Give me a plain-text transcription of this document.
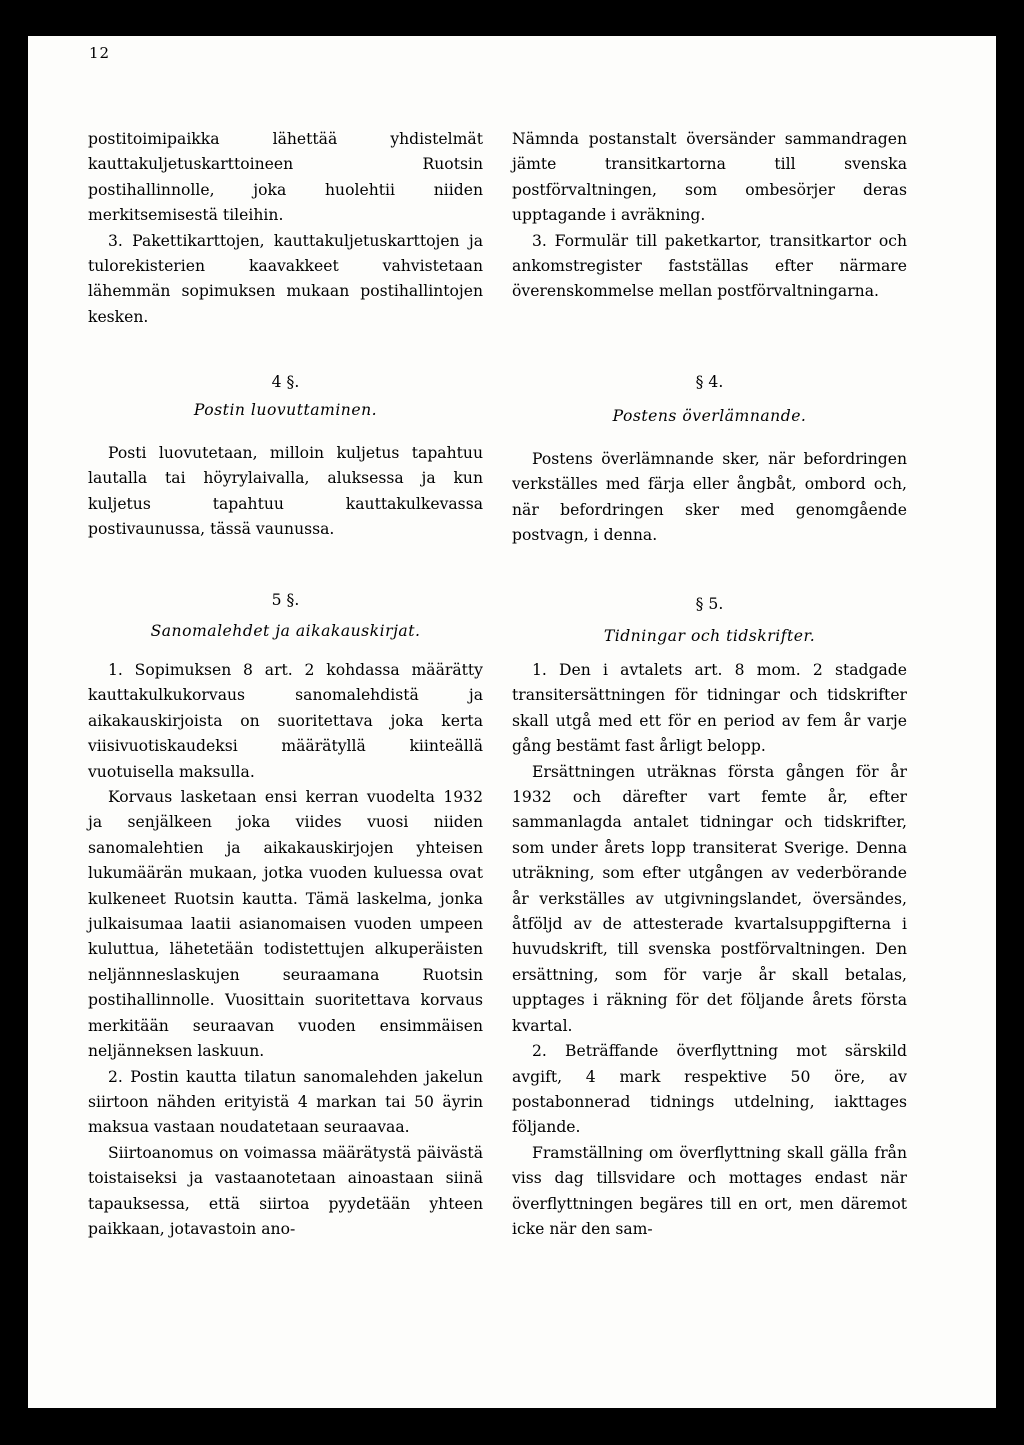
12

postitoimipaikka lähettää yhdistelmät kauttakuljetuskarttoineen Ruotsin postihallinnolle, joka huolehtii niiden merkitsemisestä tileihin.

3. Pakettikarttojen, kauttakuljetuskarttojen ja tulorekisterien kaavakkeet vahvistetaan lähemmän sopimuksen mukaan postihallintojen kesken.

4 §.
Postin luovuttaminen.

Posti luovutetaan, milloin kuljetus tapahtuu lautalla tai höyrylaivalla, aluksessa ja kun kuljetus tapahtuu kauttakulkevassa postivaunussa, tässä vaunussa.

5 §.
Sanomalehdet ja aikakauskirjat.

1. Sopimuksen 8 art. 2 kohdassa määrätty kauttakulkukorvaus sanomalehdistä ja aikakauskirjoista on suoritettava joka kerta viisivuotiskaudeksi määrätyllä kiinteällä vuotuisella maksulla.

Korvaus lasketaan ensi kerran vuodelta 1932 ja senjälkeen joka viides vuosi niiden sanomalehtien ja aikakauskirjojen yhteisen lukumäärän mukaan, jotka vuoden kuluessa ovat kulkeneet Ruotsin kautta. Tämä laskelma, jonka julkaisumaa laatii asianomaisen vuoden umpeen kuluttua, lähetetään todistettujen alkuperäisten neljännneslaskujen seuraamana Ruotsin postihallinnolle. Vuosittain suoritettava korvaus merkitään seuraavan vuoden ensimmäisen neljänneksen laskuun.

2. Postin kautta tilatun sanomalehden jakelun siirtoon nähden erityistä 4 markan tai 50 äyrin maksua vastaan noudatetaan seuraavaa.

Siirtoanomus on voimassa määrätystä päivästä toistaiseksi ja vastaanotetaan ainoastaan siinä tapauksessa, että siirtoa pyydetään yhteen paikkaan, jotavastoin ano-

Nämnda postanstalt översänder sammandragen jämte transitkartorna till svenska postförvaltningen, som ombesörjer deras upptagande i avräkning.

3. Formulär till paketkartor, transitkartor och ankomstregister fastställas efter närmare överenskommelse mellan postförvaltningarna.

§ 4.
Postens överlämnande.

Postens överlämnande sker, när befordringen verkställes med färja eller ångbåt, ombord och, när befordringen sker med genomgående postvagn, i denna.

§ 5.
Tidningar och tidskrifter.

1. Den i avtalets art. 8 mom. 2 stadgade transitersättningen för tidningar och tidskrifter skall utgå med ett för en period av fem år varje gång bestämt fast årligt belopp.

Ersättningen uträknas första gången för år 1932 och därefter vart femte år, efter sammanlagda antalet tidningar och tidskrifter, som under årets lopp transiterat Sverige. Denna uträkning, som efter utgången av vederbörande år verkställes av utgivningslandet, översändes, åtföljd av de attesterade kvartalsuppgifterna i huvudskrift, till svenska postförvaltningen. Den ersättning, som för varje år skall betalas, upptages i räkning för det följande årets första kvartal.

2. Beträffande överflyttning mot särskild avgift, 4 mark respektive 50 öre, av postabonnerad tidnings utdelning, iakttages följande.

Framställning om överflyttning skall gälla från viss dag tillsvidare och mottages endast när överflyttningen begäres till en ort, men däremot icke när den sam-
